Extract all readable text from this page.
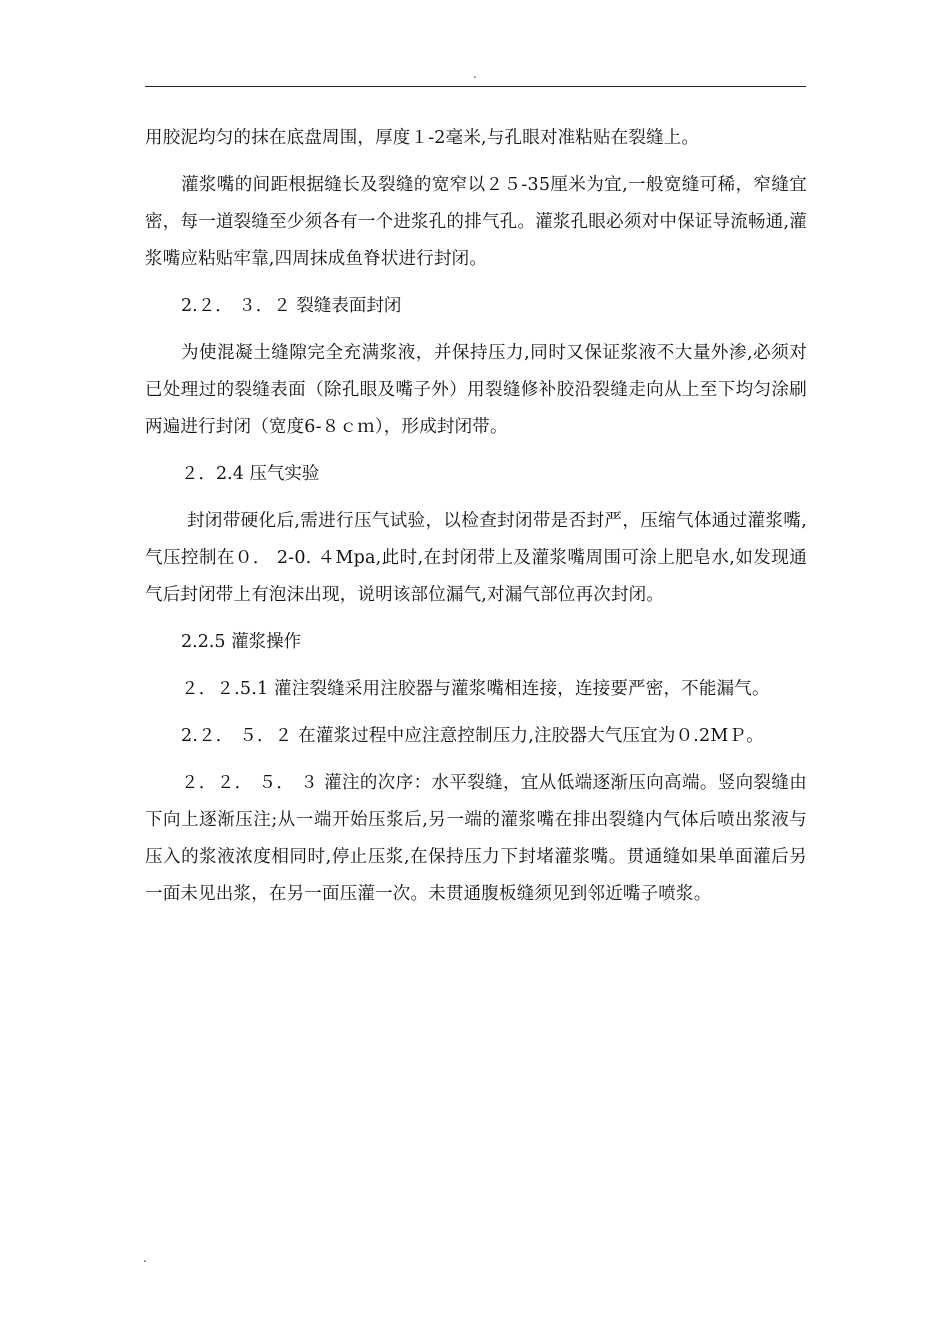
.

用胶泥均匀的抹在底盘周围，厚度１-2毫米,与孔眼对准粘贴在裂缝上。

灌浆嘴的间距根据缝长及裂缝的宽窄以２５-35厘米为宜,一般宽缝可稀，窄缝宜密，每一道裂缝至少须各有一个进浆孔的排气孔。灌浆孔眼必须对中保证导流畅通,灌浆嘴应粘贴牢靠,四周抹成鱼脊状进行封闭。

2.２． ３．２ 裂缝表面封闭

为使混凝土缝隙完全充满浆液，并保持压力,同时又保证浆液不大量外渗,必须对已处理过的裂缝表面（除孔眼及嘴子外）用裂缝修补胶沿裂缝走向从上至下均匀涂刷两遍进行封闭（宽度6-８ｃｍ），形成封闭带。

２．2.4 压气实验

封闭带硬化后,需进行压气试验，以检查封闭带是否封严，压缩气体通过灌浆嘴,气压控制在０． 2-0. ４Mpa,此时,在封闭带上及灌浆嘴周围可涂上肥皂水,如发现通气后封闭带上有泡沫出现，说明该部位漏气,对漏气部位再次封闭。

2.2.5 灌浆操作

２．２.5.1 灌注裂缝采用注胶器与灌浆嘴相连接，连接要严密，不能漏气。

2.２． ５．２ 在灌浆过程中应注意控制压力,注胶器大气压宜为０.2MＰ。

２．２． ５． ３ 灌注的次序：水平裂缝，宜从低端逐渐压向高端。竖向裂缝由下向上逐渐压注;从一端开始压浆后,另一端的灌浆嘴在排出裂缝内气体后喷出浆液与压入的浆液浓度相同时,停止压浆,在保持压力下封堵灌浆嘴。贯通缝如果单面灌后另一面未见出浆，在另一面压灌一次。未贯通腹板缝须见到邻近嘴子喷浆。

.
